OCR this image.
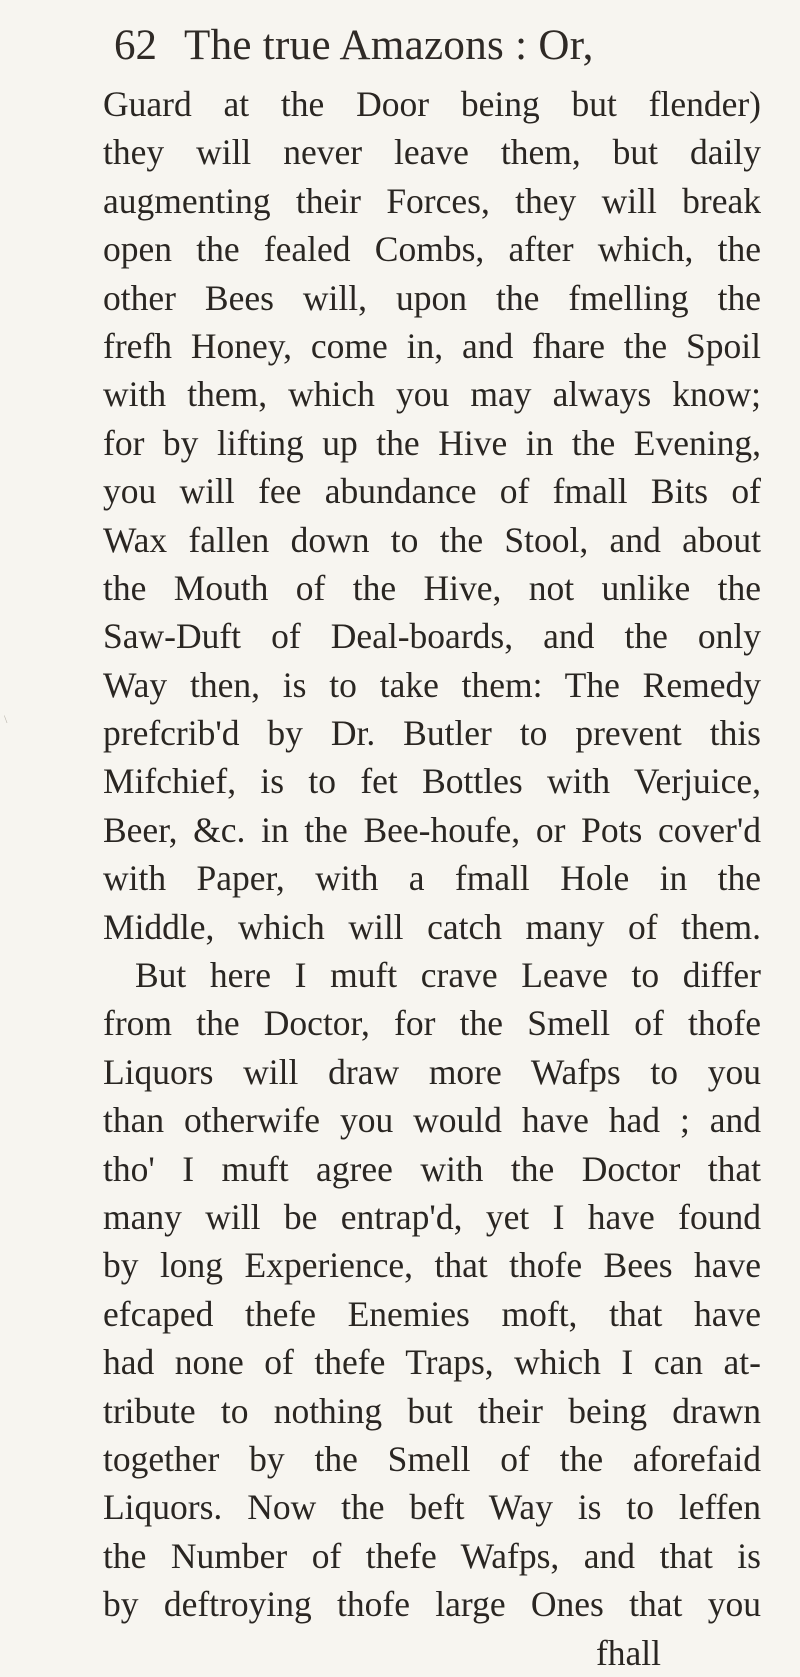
62 The true Amazons : Or,
\
Guard at the Door being but flender)
they will never leave them, but daily
augmenting their Forces, they will break
open the fealed Combs, after which, the
other Bees will, upon the fmelling the
frefh Honey, come in, and fhare the Spoil
with them, which you may always know;
for by lifting up the Hive in the Evening,
you will fee abundance of fmall Bits of
Wax fallen down to the Stool, and about
the Mouth of the Hive, not unlike the
Saw-Duft of Deal-boards, and the only
Way then, is to take them: The Remedy
prefcrib'd by Dr. Butler to prevent this
Mifchief, is to fet Bottles with Verjuice,
Beer, &c. in the Bee-houfe, or Pots cover'd
with Paper, with a fmall Hole in the
Middle, which will catch many of them.
But here I muft crave Leave to differ
from the Doctor, for the Smell of thofe
Liquors will draw more Wafps to you
than otherwife you would have had ; and
tho' I muft agree with the Doctor that
many will be entrap'd, yet I have found
by long Experience, that thofe Bees have
efcaped thefe Enemies moft, that have
had none of thefe Traps, which I can at-
tribute to nothing but their being drawn
together by the Smell of the aforefaid
Liquors. Now the beft Way is to leffen
the Number of thefe Wafps, and that is
by deftroying thofe large Ones that you
fhall
